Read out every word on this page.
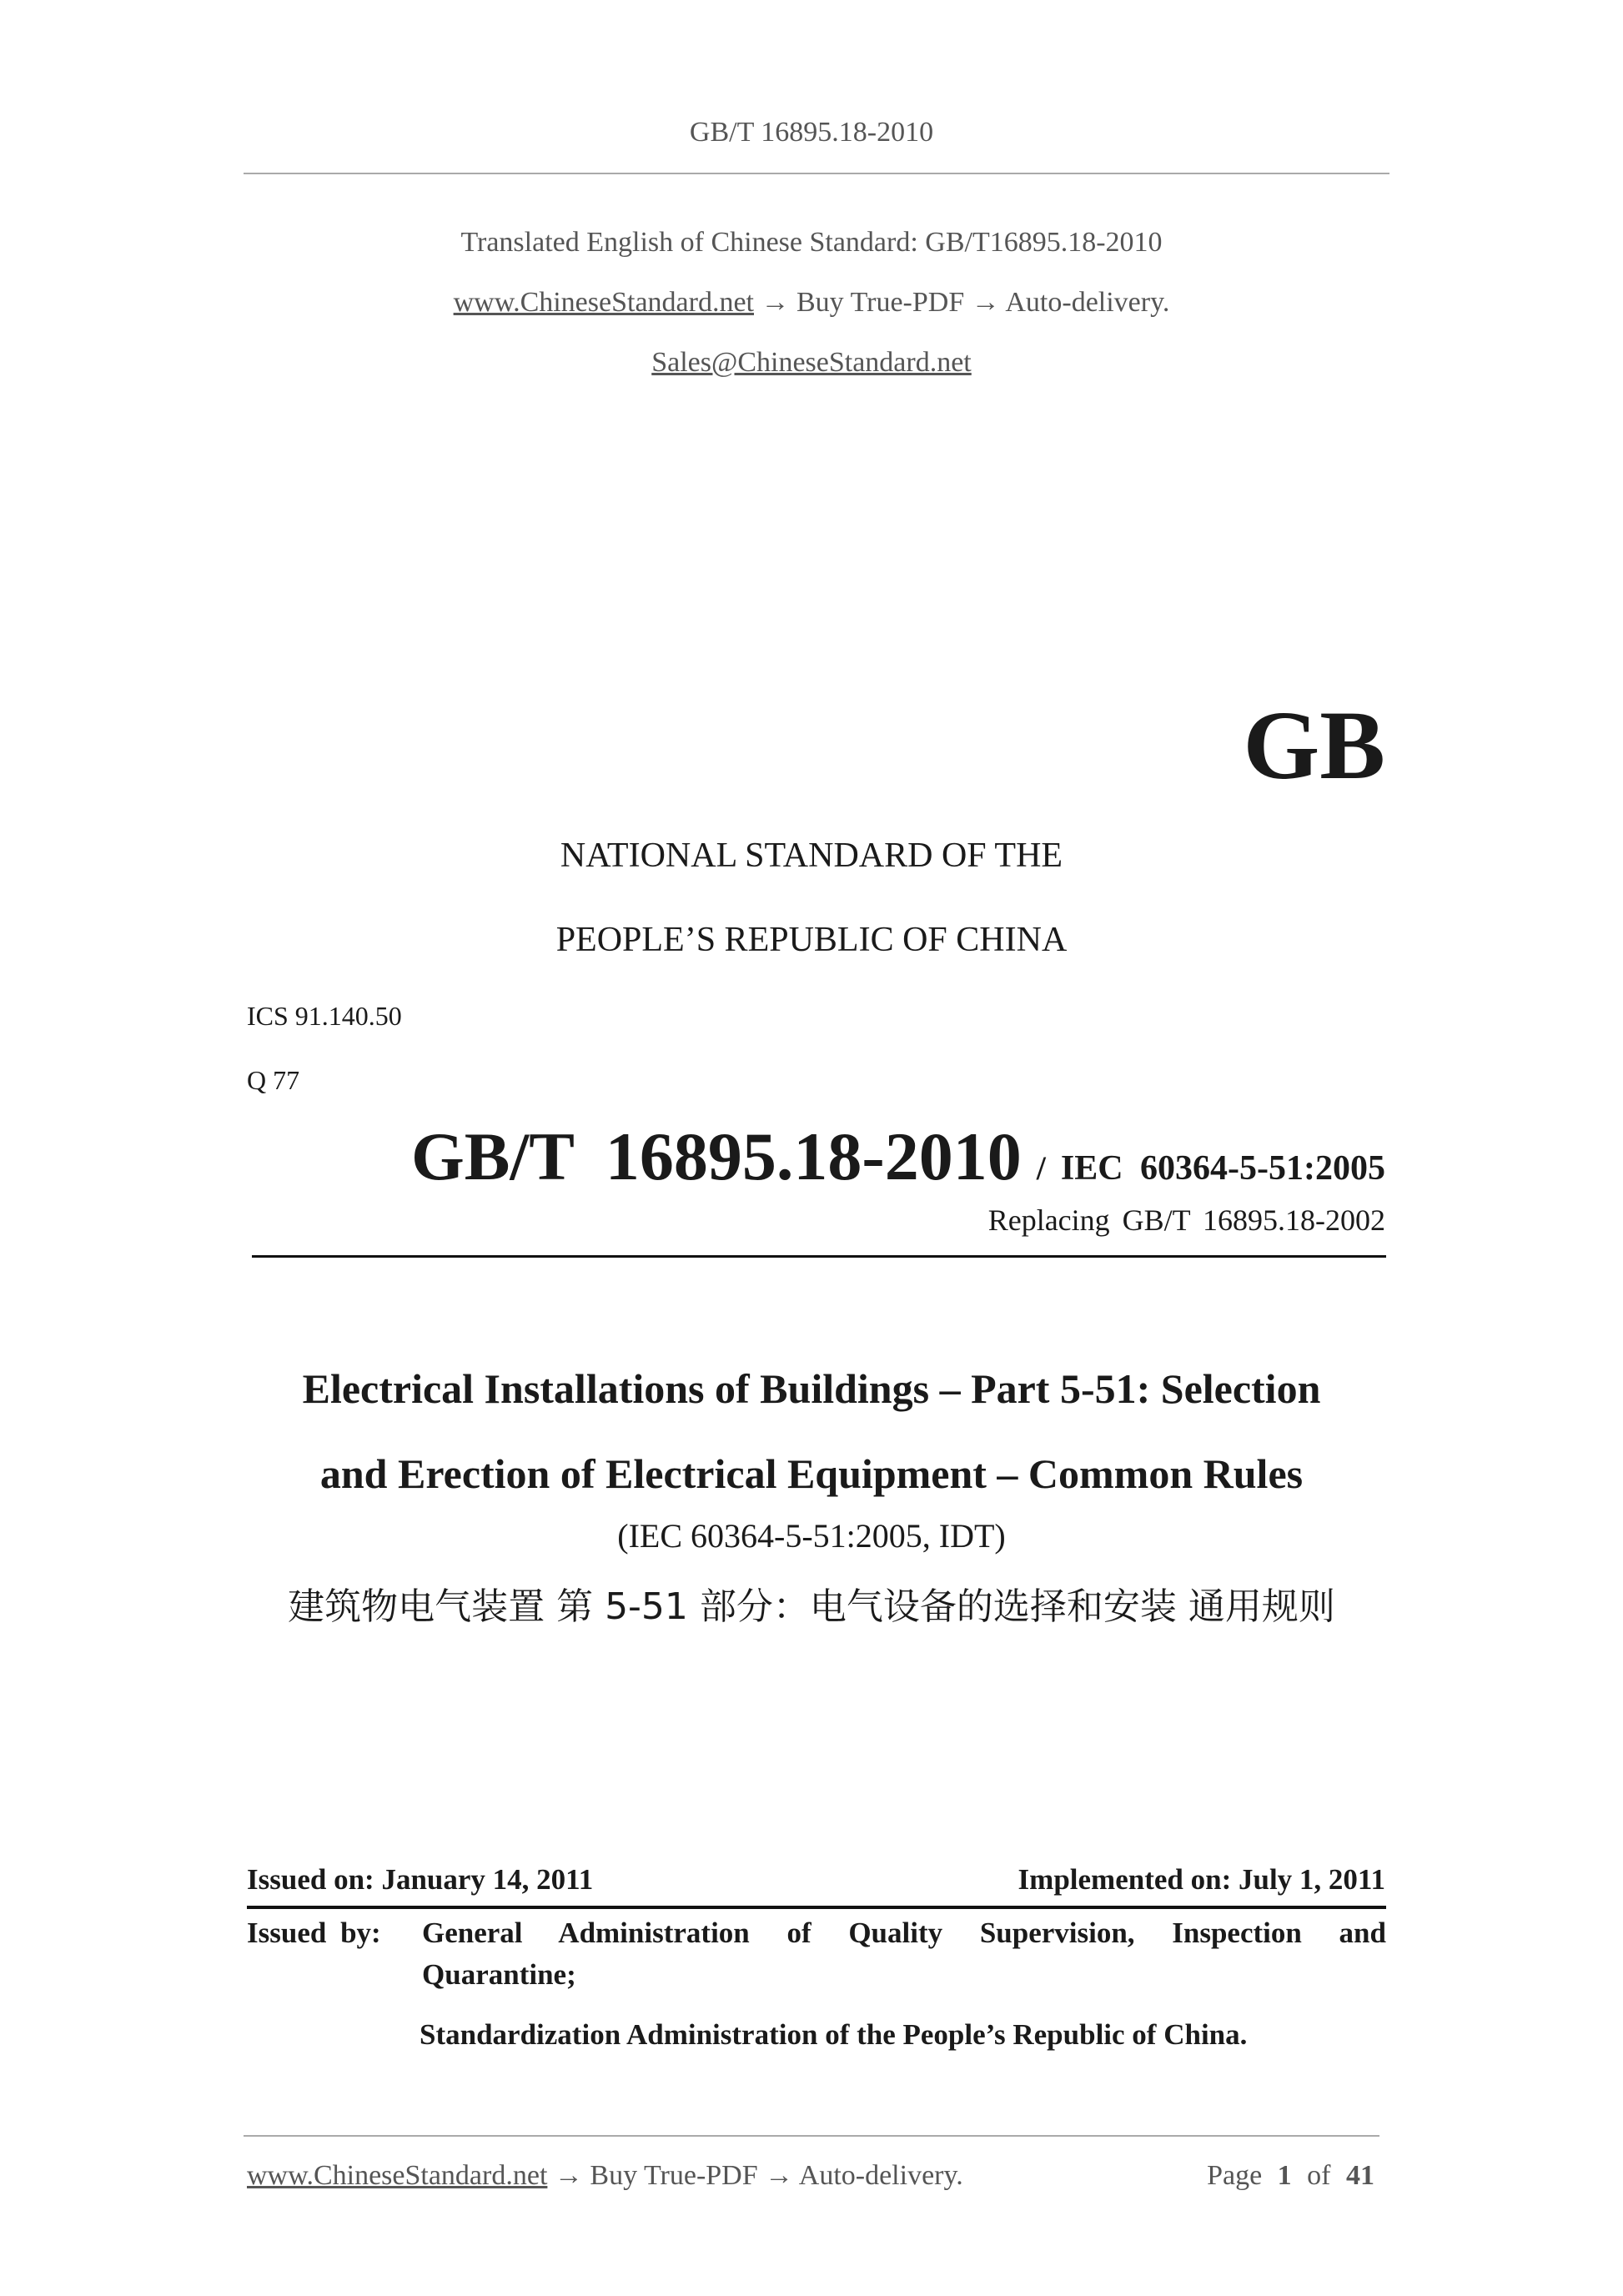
GB/T 16895.18-2010
Translated English of Chinese Standard: GB/T16895.18-2010
www.ChineseStandard.net → Buy True-PDF → Auto-delivery.
Sales@ChineseStandard.net
GB
NATIONAL STANDARD OF THE
PEOPLE’S REPUBLIC OF CHINA
ICS 91.140.50
Q 77
GB/T 16895.18-2010 / IEC 60364-5-51:2005
Replacing GB/T 16895.18-2002
Electrical Installations of Buildings – Part 5-51: Selection
and Erection of Electrical Equipment – Common Rules
(IEC 60364-5-51:2005, IDT)
建筑物电气装置 第 5-51 部分：电气设备的选择和安装 通用规则
Issued on: January 14, 2011	Implemented on: July 1, 2011
Issued by: General Administration of Quality Supervision, Inspection and
Quarantine;
Standardization Administration of the People’s Republic of China.
www.ChineseStandard.net → Buy True-PDF → Auto-delivery.	Page 1 of 41
